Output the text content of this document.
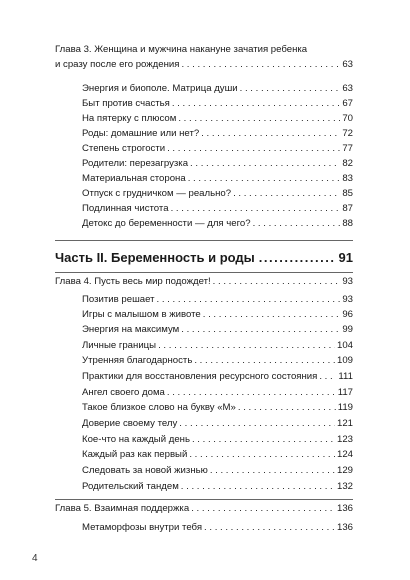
Глава 3. Женщина и мужчина накануне зачатия ребенка
и сразу после его рождения . . .	63
Энергия и биополе. Матрица души . . .	63
Быт против счастья . . .	67
На пятерку с плюсом . . .	70
Роды: домашние или нет? . . .	72
Степень строгости . . .	77
Родители: перезагрузка . . .	82
Материальная сторона . . .	83
Отпуск с грудничком — реально? . . .	85
Подлинная чистота . . .	87
Детокс до беременности — для чего? . . .	88
Часть II. Беременность и роды .....	91
Глава 4. Пусть весь мир подождет! . . .	93
Позитив решает . . .	93
Игры с малышом в животе . . .	96
Энергия на максимум . . .	99
Личные границы . . .	104
Утренняя благодарность . . .	109
Практики для восстановления ресурсного состояния . . . 111
Ангел своего дома . . .	117
Такое близкое слово на букву «М» . . .	119
Доверие своему телу . . .	121
Кое-что на каждый день . . .	123
Каждый раз как первый . . .	124
Следовать за новой жизнью . . .	129
Родительский тандем . . .	132
Глава 5. Взаимная поддержка . . .	136
Метаморфозы внутри тебя . . .	136
4
